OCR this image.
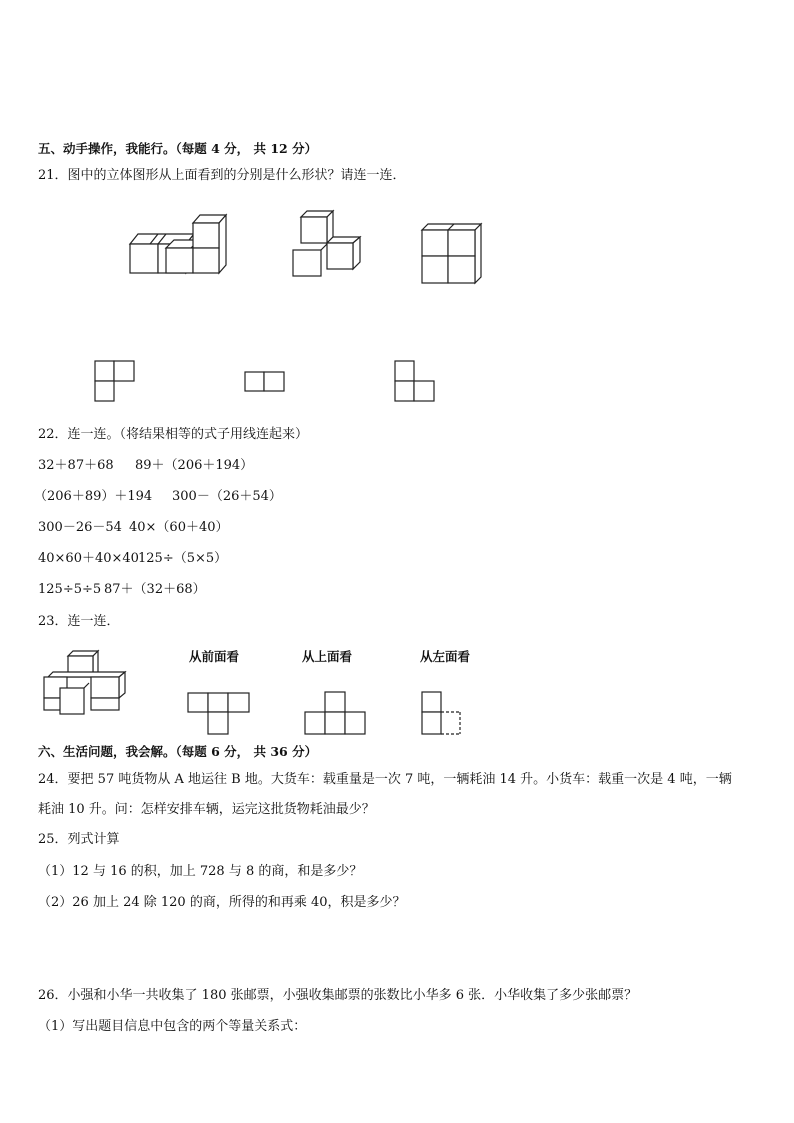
五、动手操作，我能行。（每题 4 分， 共 12 分）
21．图中的立体图形从上面看到的分别是什么形状？请连一连．
22．连一连。（将结果相等的式子用线连起来）
32＋87＋68 89＋（206＋194）
（206＋89）＋194 300－（26＋54）
300－26－54 40×（60＋40）
40×60＋40×40 125÷（5×5）
125÷5÷5 87＋（32＋68）
23．连一连．
从前面看	从上面看	从左面看
六、生活问题，我会解。（每题 6 分， 共 36 分）
24．要把 57 吨货物从 A 地运往 B 地。大货车：载重量是一次 7 吨，一辆耗油 14 升。小货车：载重一次是 4 吨，一辆
耗油 10 升。问：怎样安排车辆，运完这批货物耗油最少？
25．列式计算
（1）12 与 16 的积，加上 728 与 8 的商，和是多少？
（2）26 加上 24 除 120 的商，所得的和再乘 40，积是多少？
26．小强和小华一共收集了 180 张邮票，小强收集邮票的张数比小华多 6 张．小华收集了多少张邮票？
（1）写出题目信息中包含的两个等量关系式：
